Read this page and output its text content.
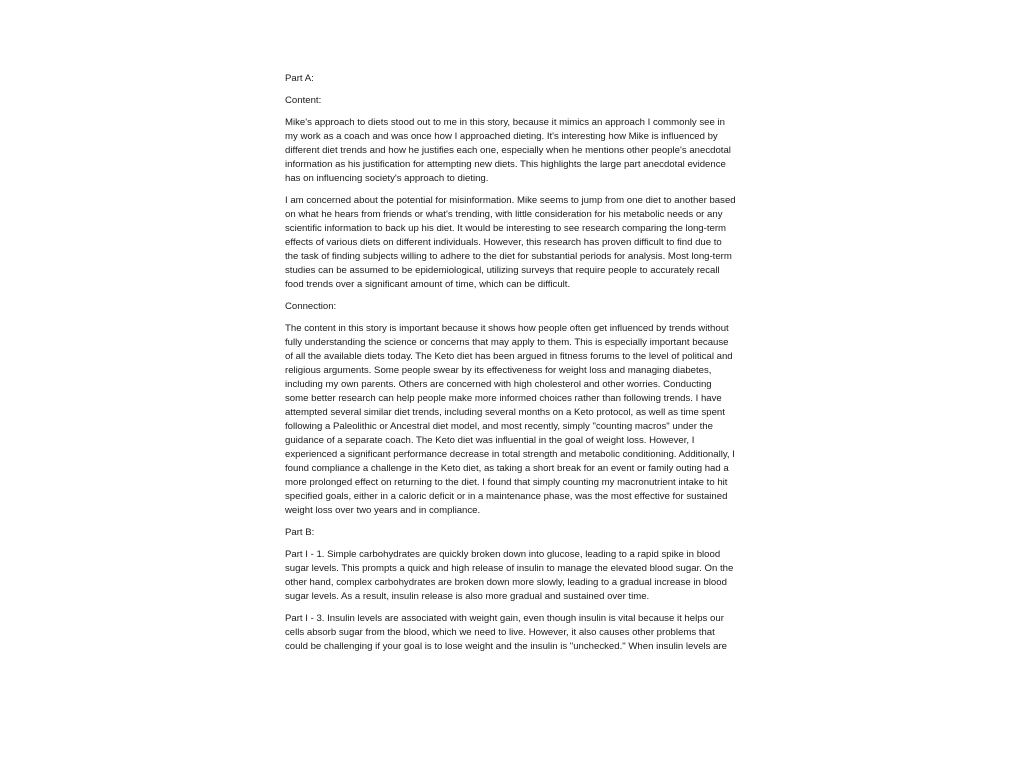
Part A:

Content:

Mike's approach to diets stood out to me in this story, because it mimics an approach I commonly see in my work as a coach and was once how I approached dieting. It's interesting how Mike is influenced by different diet trends and how he justifies each one, especially when he mentions other people's anecdotal information as his justification for attempting new diets. This highlights the large part anecdotal evidence has on influencing society's approach to dieting.

I am concerned about the potential for misinformation. Mike seems to jump from one diet to another based on what he hears from friends or what's trending, with little consideration for his metabolic needs or any scientific information to back up his diet. It would be interesting to see research comparing the long-term effects of various diets on different individuals. However, this research has proven difficult to find due to the task of finding subjects willing to adhere to the diet for substantial periods for analysis. Most long-term studies can be assumed to be epidemiological, utilizing surveys that require people to accurately recall food trends over a significant amount of time, which can be difficult.

Connection:

The content in this story is important because it shows how people often get influenced by trends without fully understanding the science or concerns that may apply to them. This is especially important because of all the available diets today. The Keto diet has been argued in fitness forums to the level of political and religious arguments. Some people swear by its effectiveness for weight loss and managing diabetes, including my own parents. Others are concerned with high cholesterol and other worries. Conducting some better research can help people make more informed choices rather than following trends. I have attempted several similar diet trends, including several months on a Keto protocol, as well as time spent following a Paleolithic or Ancestral diet model, and most recently, simply "counting macros" under the guidance of a separate coach. The Keto diet was influential in the goal of weight loss. However, I experienced a significant performance decrease in total strength and metabolic conditioning. Additionally, I found compliance a challenge in the Keto diet, as taking a short break for an event or family outing had a more prolonged effect on returning to the diet. I found that simply counting my macronutrient intake to hit specified goals, either in a caloric deficit or in a maintenance phase, was the most effective for sustained weight loss over two years and in compliance.

Part B:

Part I - 1. Simple carbohydrates are quickly broken down into glucose, leading to a rapid spike in blood sugar levels. This prompts a quick and high release of insulin to manage the elevated blood sugar. On the other hand, complex carbohydrates are broken down more slowly, leading to a gradual increase in blood sugar levels. As a result, insulin release is also more gradual and sustained over time.

Part I - 3. Insulin levels are associated with weight gain, even though insulin is vital because it helps our cells absorb sugar from the blood, which we need to live. However, it also causes other problems that could be challenging if your goal is to lose weight and the insulin is "unchecked." When insulin levels are
